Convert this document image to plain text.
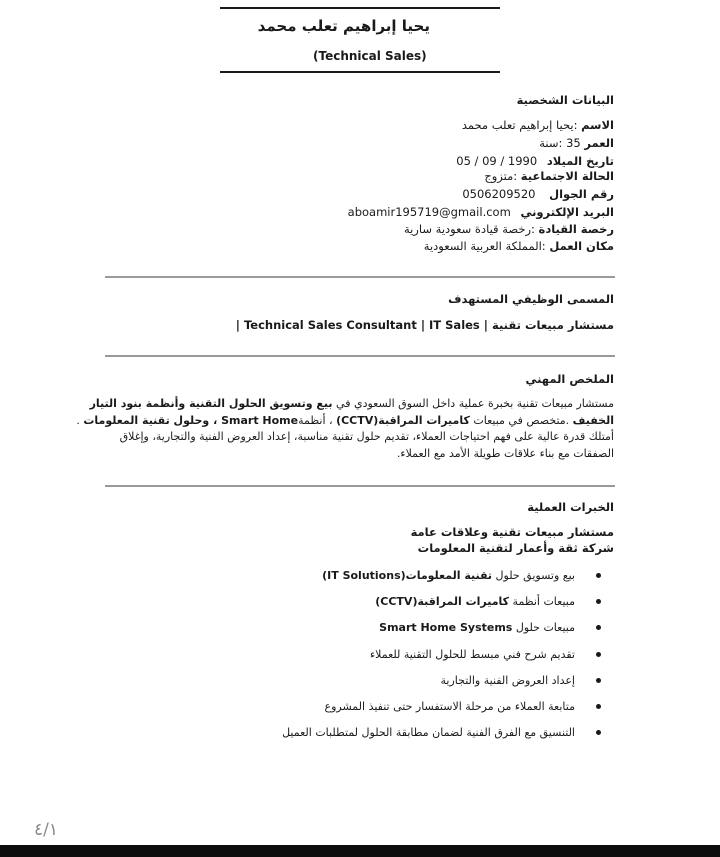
يحيا إبراهيم تعلب محمد
(Technical Sales)
البيانات الشخصية
الاسم :يحيا إبراهيم تعلب محمد
العمر 35 :سنة
تاريخ الميلاد 05 / 09 / 1990
الحالة الاجتماعية :متزوج
رقم الجوال 0506209520
البريد الإلكتروني aboamir195719@gmail.com
رخصة القيادة :رخصة قيادة سعودية سارية
مكان العمل :المملكة العربية السعودية
المسمى الوظيفي المستهدف
مستشار مبيعات تقنية | Technical Sales Consultant | IT Sales |
الملخص المهني
مستشار مبيعات تقنية بخبرة عملية داخل السوق السعودي في بيع وتسويق الحلول التقنية وأنظمة بنود التيار
الخفيف .متخصص في مبيعات كاميرات المراقبة(CCTV) ، أنظمةSmart Home ، وحلول تقنية المعلومات .
أمتلك قدرة عالية على فهم احتياجات العملاء، تقديم حلول تقنية مناسبة، إعداد العروض الفنية والتجارية، وإغلاق
الصفقات مع بناء علاقات طويلة الأمد مع العملاء.
الخبرات العملية
مستشار مبيعات تقنية وعلاقات عامة
شركة ثقة وأعمار لتقنية المعلومات
بيع وتسويق حلول تقنية المعلومات(IT Solutions)
مبيعات أنظمة كاميرات المراقبة(CCTV)
مبيعات حلول Smart Home Systems
تقديم شرح فني مبسط للحلول التقنية للعملاء
إعداد العروض الفنية والتجارية
متابعة العملاء من مرحلة الاستفسار حتى تنفيذ المشروع
التنسيق مع الفرق الفنية لضمان مطابقة الحلول لمتطلبات العميل
٤/١
